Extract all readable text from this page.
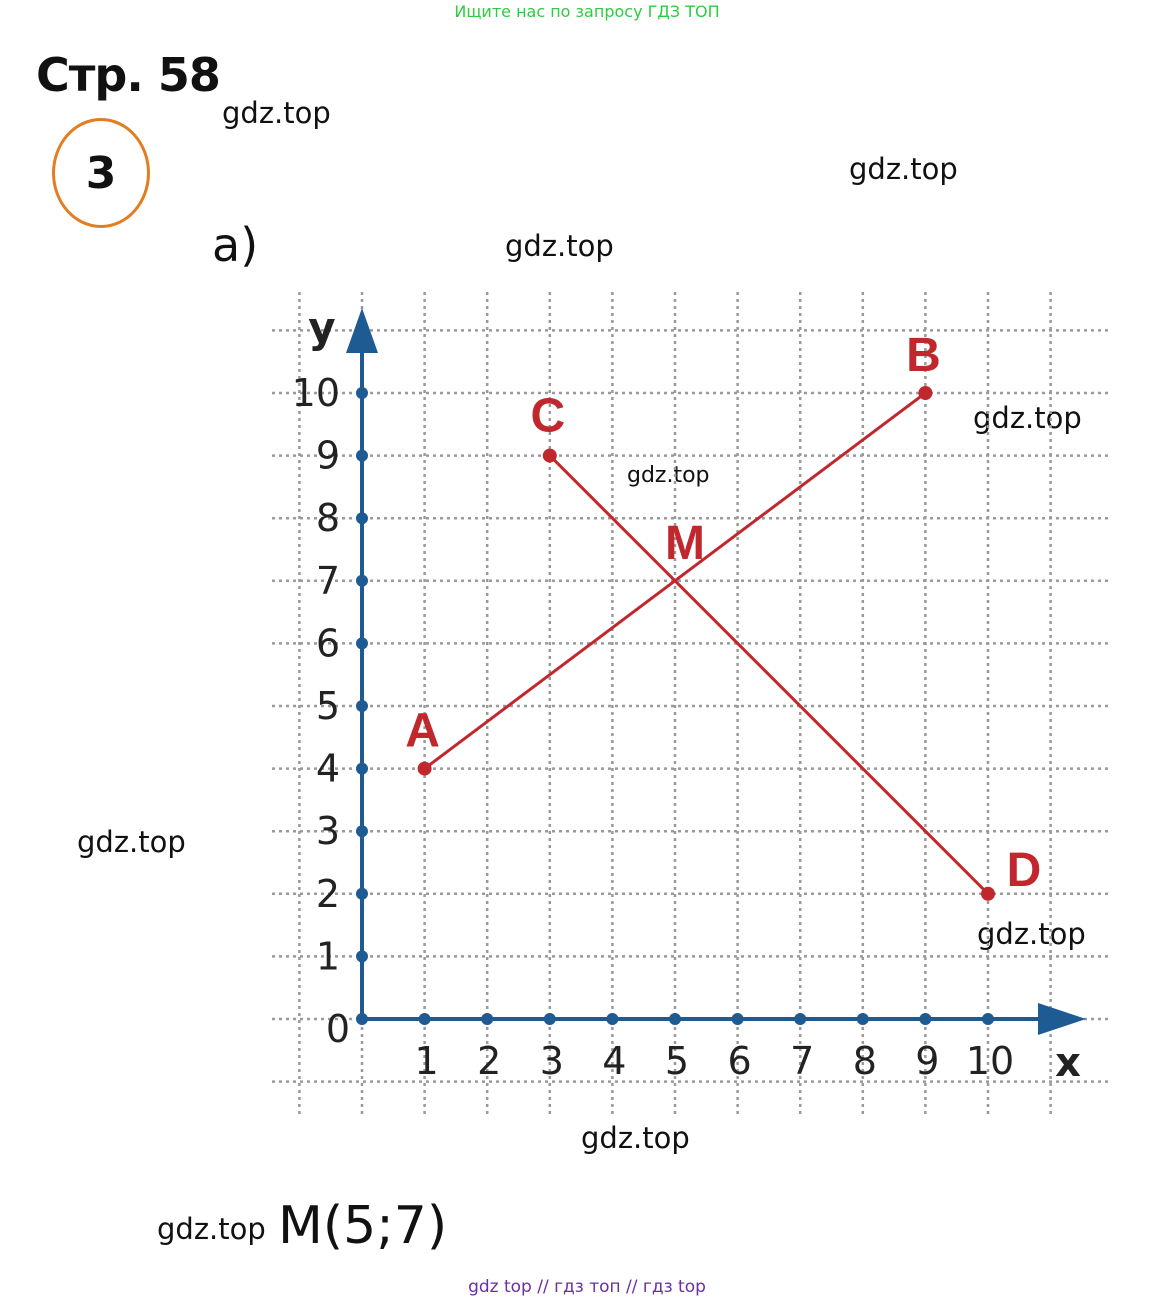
Ищите нас по запросу ГДЗ ТОП
Стр. 58
3
а)
gdz.top
gdz.top
gdz.top
gdz.top
gdz.top
gdz.top
gdz.top
gdz.top
gdz.top
1 2 3 4 5 6 7 8 9 10
1
2
3
4
5
6
7
8
9
10
0
x
y
A
B
C
D
M
M(5;7)
gdz top // гдз топ // гдз top
